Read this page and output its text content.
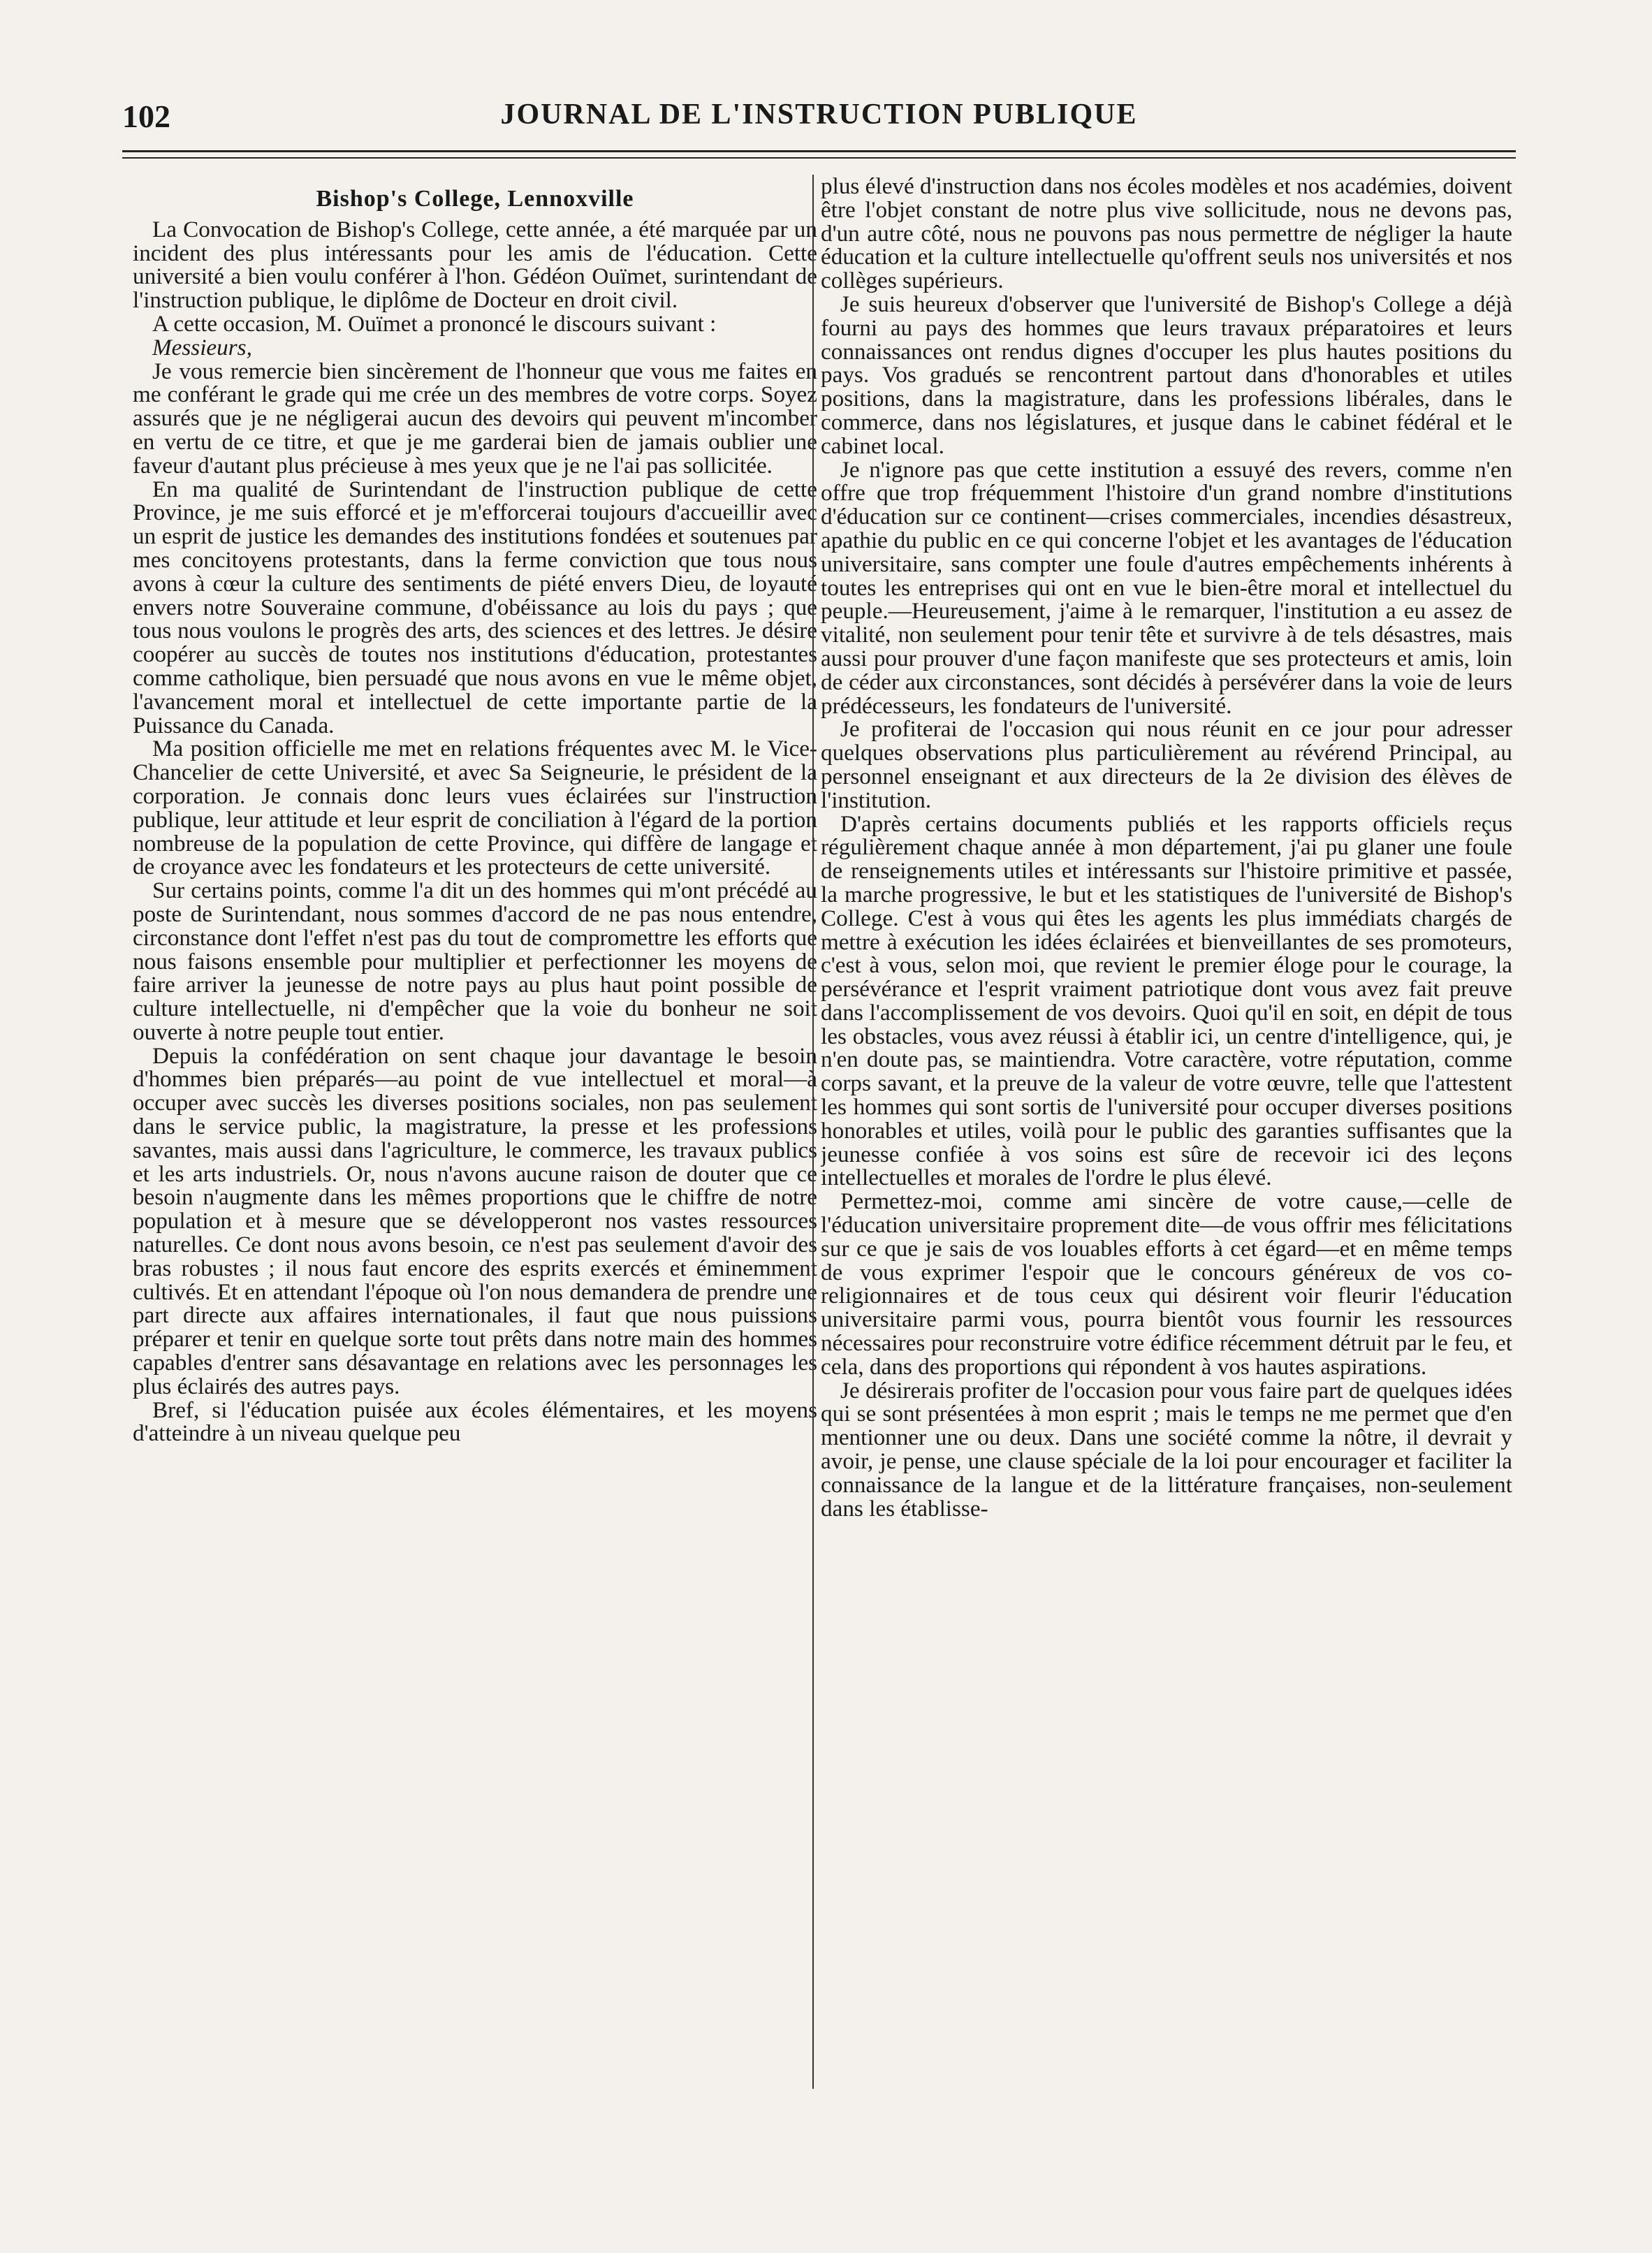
102	JOURNAL DE L'INSTRUCTION PUBLIQUE
Bishop's College, Lennoxville

La Convocation de Bishop's College, cette année, a été marquée par un incident des plus intéressants pour les amis de l'éducation. Cette université a bien voulu conférer à l'hon. Gédéon Ouïmet, surintendant de l'instruction publique, le diplôme de Docteur en droit civil.

A cette occasion, M. Ouïmet a prononcé le discours suivant :

Messieurs,

Je vous remercie bien sincèrement de l'honneur que vous me faites en me conférant le grade qui me crée un des membres de votre corps. Soyez assurés que je ne négligerai aucun des devoirs qui peuvent m'incomber en vertu de ce titre, et que je me garderai bien de jamais oublier une faveur d'autant plus précieuse à mes yeux que je ne l'ai pas sollicitée.

En ma qualité de Surintendant de l'instruction publique de cette Province, je me suis efforcé et je m'efforcerai toujours d'accueillir avec un esprit de justice les demandes des institutions fondées et soutenues par mes concitoyens protestants, dans la ferme conviction que tous nous avons à cœur la culture des sentiments de piété envers Dieu, de loyauté envers notre Souveraine commune, d'obéissance au lois du pays ; que tous nous voulons le progrès des arts, des sciences et des lettres. Je désire coopérer au succès de toutes nos institutions d'éducation, protestantes comme catholique, bien persuadé que nous avons en vue le même objet, l'avancement moral et intellectuel de cette importante partie de la Puissance du Canada.

Ma position officielle me met en relations fréquentes avec M. le Vice-Chancelier de cette Université, et avec Sa Seigneurie, le président de la corporation. Je connais donc leurs vues éclairées sur l'instruction publique, leur attitude et leur esprit de conciliation à l'égard de la portion nombreuse de la population de cette Province, qui diffère de langage et de croyance avec les fondateurs et les protecteurs de cette université.

Sur certains points, comme l'a dit un des hommes qui m'ont précédé au poste de Surintendant, nous sommes d'accord de ne pas nous entendre, circonstance dont l'effet n'est pas du tout de compromettre les efforts que nous faisons ensemble pour multiplier et perfectionner les moyens de faire arriver la jeunesse de notre pays au plus haut point possible de culture intellectuelle, ni d'empêcher que la voie du bonheur ne soit ouverte à notre peuple tout entier.

Depuis la confédération on sent chaque jour davantage le besoin d'hommes bien préparés—au point de vue intellectuel et moral—à occuper avec succès les diverses positions sociales, non pas seulement dans le service public, la magistrature, la presse et les professions savantes, mais aussi dans l'agriculture, le commerce, les travaux publics et les arts industriels. Or, nous n'avons aucune raison de douter que ce besoin n'augmente dans les mêmes proportions que le chiffre de notre population et à mesure que se développeront nos vastes ressources naturelles. Ce dont nous avons besoin, ce n'est pas seulement d'avoir des bras robustes ; il nous faut encore des esprits exercés et éminemment cultivés. Et en attendant l'époque où l'on nous demandera de prendre une part directe aux affaires internationales, il faut que nous puissions préparer et tenir en quelque sorte tout prêts dans notre main des hommes capables d'entrer sans désavantage en relations avec les personnages les plus éclairés des autres pays.

Bref, si l'éducation puisée aux écoles élémentaires, et les moyens d'atteindre à un niveau quelque peu

plus élevé d'instruction dans nos écoles modèles et nos académies, doivent être l'objet constant de notre plus vive sollicitude, nous ne devons pas, d'un autre côté, nous ne pouvons pas nous permettre de négliger la haute éducation et la culture intellectuelle qu'offrent seuls nos universités et nos collèges supérieurs.

Je suis heureux d'observer que l'université de Bishop's College a déjà fourni au pays des hommes que leurs travaux préparatoires et leurs connaissances ont rendus dignes d'occuper les plus hautes positions du pays. Vos gradués se rencontrent partout dans d'honorables et utiles positions, dans la magistrature, dans les professions libérales, dans le commerce, dans nos législatures, et jusque dans le cabinet fédéral et le cabinet local.

Je n'ignore pas que cette institution a essuyé des revers, comme n'en offre que trop fréquemment l'histoire d'un grand nombre d'institutions d'éducation sur ce continent—crises commerciales, incendies désastreux, apathie du public en ce qui concerne l'objet et les avantages de l'éducation universitaire, sans compter une foule d'autres empêchements inhérents à toutes les entreprises qui ont en vue le bien-être moral et intellectuel du peuple.—Heureusement, j'aime à le remarquer, l'institution a eu assez de vitalité, non seulement pour tenir tête et survivre à de tels désastres, mais aussi pour prouver d'une façon manifeste que ses protecteurs et amis, loin de céder aux circonstances, sont décidés à persévérer dans la voie de leurs prédécesseurs, les fondateurs de l'université.

Je profiterai de l'occasion qui nous réunit en ce jour pour adresser quelques observations plus particulièrement au révérend Principal, au personnel enseignant et aux directeurs de la 2e division des élèves de l'institution.

D'après certains documents publiés et les rapports officiels reçus régulièrement chaque année à mon département, j'ai pu glaner une foule de renseignements utiles et intéressants sur l'histoire primitive et passée, la marche progressive, le but et les statistiques de l'université de Bishop's College. C'est à vous qui êtes les agents les plus immédiats chargés de mettre à exécution les idées éclairées et bienveillantes de ses promoteurs, c'est à vous, selon moi, que revient le premier éloge pour le courage, la persévérance et l'esprit vraiment patriotique dont vous avez fait preuve dans l'accomplissement de vos devoirs. Quoi qu'il en soit, en dépit de tous les obstacles, vous avez réussi à établir ici, un centre d'intelligence, qui, je n'en doute pas, se maintiendra. Votre caractère, votre réputation, comme corps savant, et la preuve de la valeur de votre œuvre, telle que l'attestent les hommes qui sont sortis de l'université pour occuper diverses positions honorables et utiles, voilà pour le public des garanties suffisantes que la jeunesse confiée à vos soins est sûre de recevoir ici des leçons intellectuelles et morales de l'ordre le plus élevé.

Permettez-moi, comme ami sincère de votre cause,—celle de l'éducation universitaire proprement dite—de vous offrir mes félicitations sur ce que je sais de vos louables efforts à cet égard—et en même temps de vous exprimer l'espoir que le concours généreux de vos co-religionnaires et de tous ceux qui désirent voir fleurir l'éducation universitaire parmi vous, pourra bientôt vous fournir les ressources nécessaires pour reconstruire votre édifice récemment détruit par le feu, et cela, dans des proportions qui répondent à vos hautes aspirations.

Je désirerais profiter de l'occasion pour vous faire part de quelques idées qui se sont présentées à mon esprit ; mais le temps ne me permet que d'en mentionner une ou deux. Dans une société comme la nôtre, il devrait y avoir, je pense, une clause spéciale de la loi pour encourager et faciliter la connaissance de la langue et de la littérature françaises, non-seulement dans les établisse-
